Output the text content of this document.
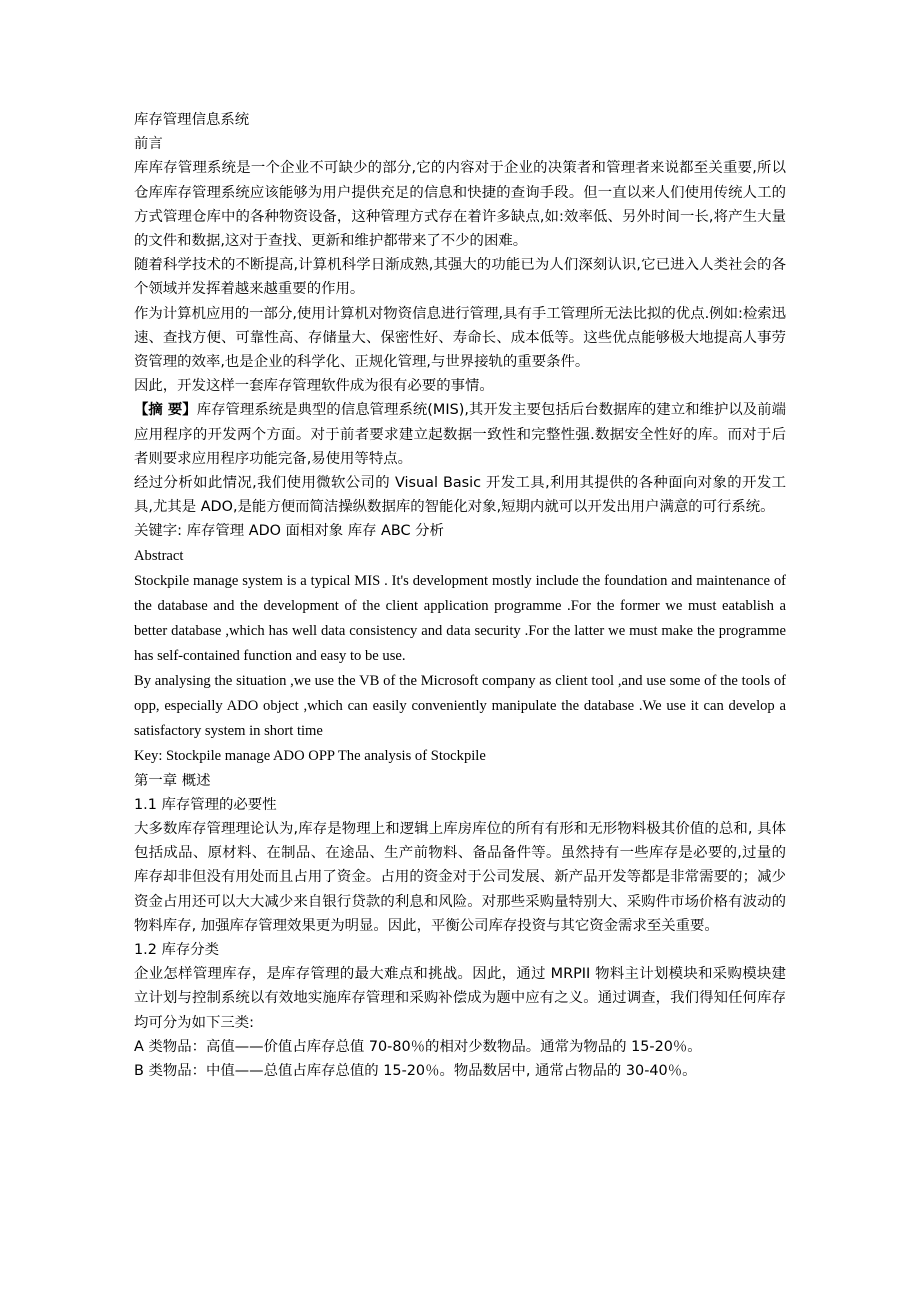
库存管理信息系统
前言
库库存管理系统是一个企业不可缺少的部分,它的内容对于企业的决策者和管理者来说都至关重要,所以仓库库存管理系统应该能够为用户提供充足的信息和快捷的查询手段。但一直以来人们使用传统人工的方式管理仓库中的各种物资设备，这种管理方式存在着许多缺点,如:效率低、另外时间一长,将产生大量的文件和数据,这对于查找、更新和维护都带来了不少的困难。
随着科学技术的不断提高,计算机科学日渐成熟,其强大的功能已为人们深刻认识,它已进入人类社会的各个领域并发挥着越来越重要的作用。
作为计算机应用的一部分,使用计算机对物资信息进行管理,具有手工管理所无法比拟的优点.例如:检索迅速、查找方便、可靠性高、存储量大、保密性好、寿命长、成本低等。这些优点能够极大地提高人事劳资管理的效率,也是企业的科学化、正规化管理,与世界接轨的重要条件。
因此，开发这样一套库存管理软件成为很有必要的事情。
【摘 要】库存管理系统是典型的信息管理系统(MIS),其开发主要包括后台数据库的建立和维护以及前端应用程序的开发两个方面。对于前者要求建立起数据一致性和完整性强.数据安全性好的库。而对于后者则要求应用程序功能完备,易使用等特点。
经过分析如此情况,我们使用微软公司的 Visual Basic 开发工具,利用其提供的各种面向对象的开发工具,尤其是 ADO,是能方便而简洁操纵数据库的智能化对象,短期内就可以开发出用户满意的可行系统。
关键字: 库存管理 ADO 面相对象 库存 ABC 分析
Abstract
Stockpile manage system is a typical MIS . It's development mostly include the foundation and maintenance of the database and the development of the client application programme .For the former we must eatablish a better database ,which has well data consistency and data security .For the latter we must make the programme has self-contained function and easy to be use.
By analysing the situation ,we use the VB of the Microsoft company as client tool ,and use some of the tools of opp, especially ADO object ,which can easily conveniently manipulate the database .We use it can develop a satisfactory system in short time
Key: Stockpile manage ADO OPP The analysis of Stockpile
第一章 概述
1.1 库存管理的必要性
大多数库存管理理论认为,库存是物理上和逻辑上库房库位的所有有形和无形物料极其价值的总和, 具体包括成品、原材料、在制品、在途品、生产前物料、备品备件等。虽然持有一些库存是必要的,过量的库存却非但没有用处而且占用了资金。占用的资金对于公司发展、新产品开发等都是非常需要的；减少资金占用还可以大大减少来自银行贷款的利息和风险。对那些采购量特别大、采购件市场价格有波动的物料库存, 加强库存管理效果更为明显。因此，平衡公司库存投资与其它资金需求至关重要。
1.2 库存分类
企业怎样管理库存，是库存管理的最大难点和挑战。因此，通过 MRPII 物料主计划模块和采购模块建立计划与控制系统以有效地实施库存管理和采购补偿成为题中应有之义。通过调查，我们得知任何库存均可分为如下三类:
A 类物品：高值——价值占库存总值 70-80％的相对少数物品。通常为物品的 15-20％。
B 类物品：中值——总值占库存总值的 15-20％。物品数居中, 通常占物品的 30-40％。
